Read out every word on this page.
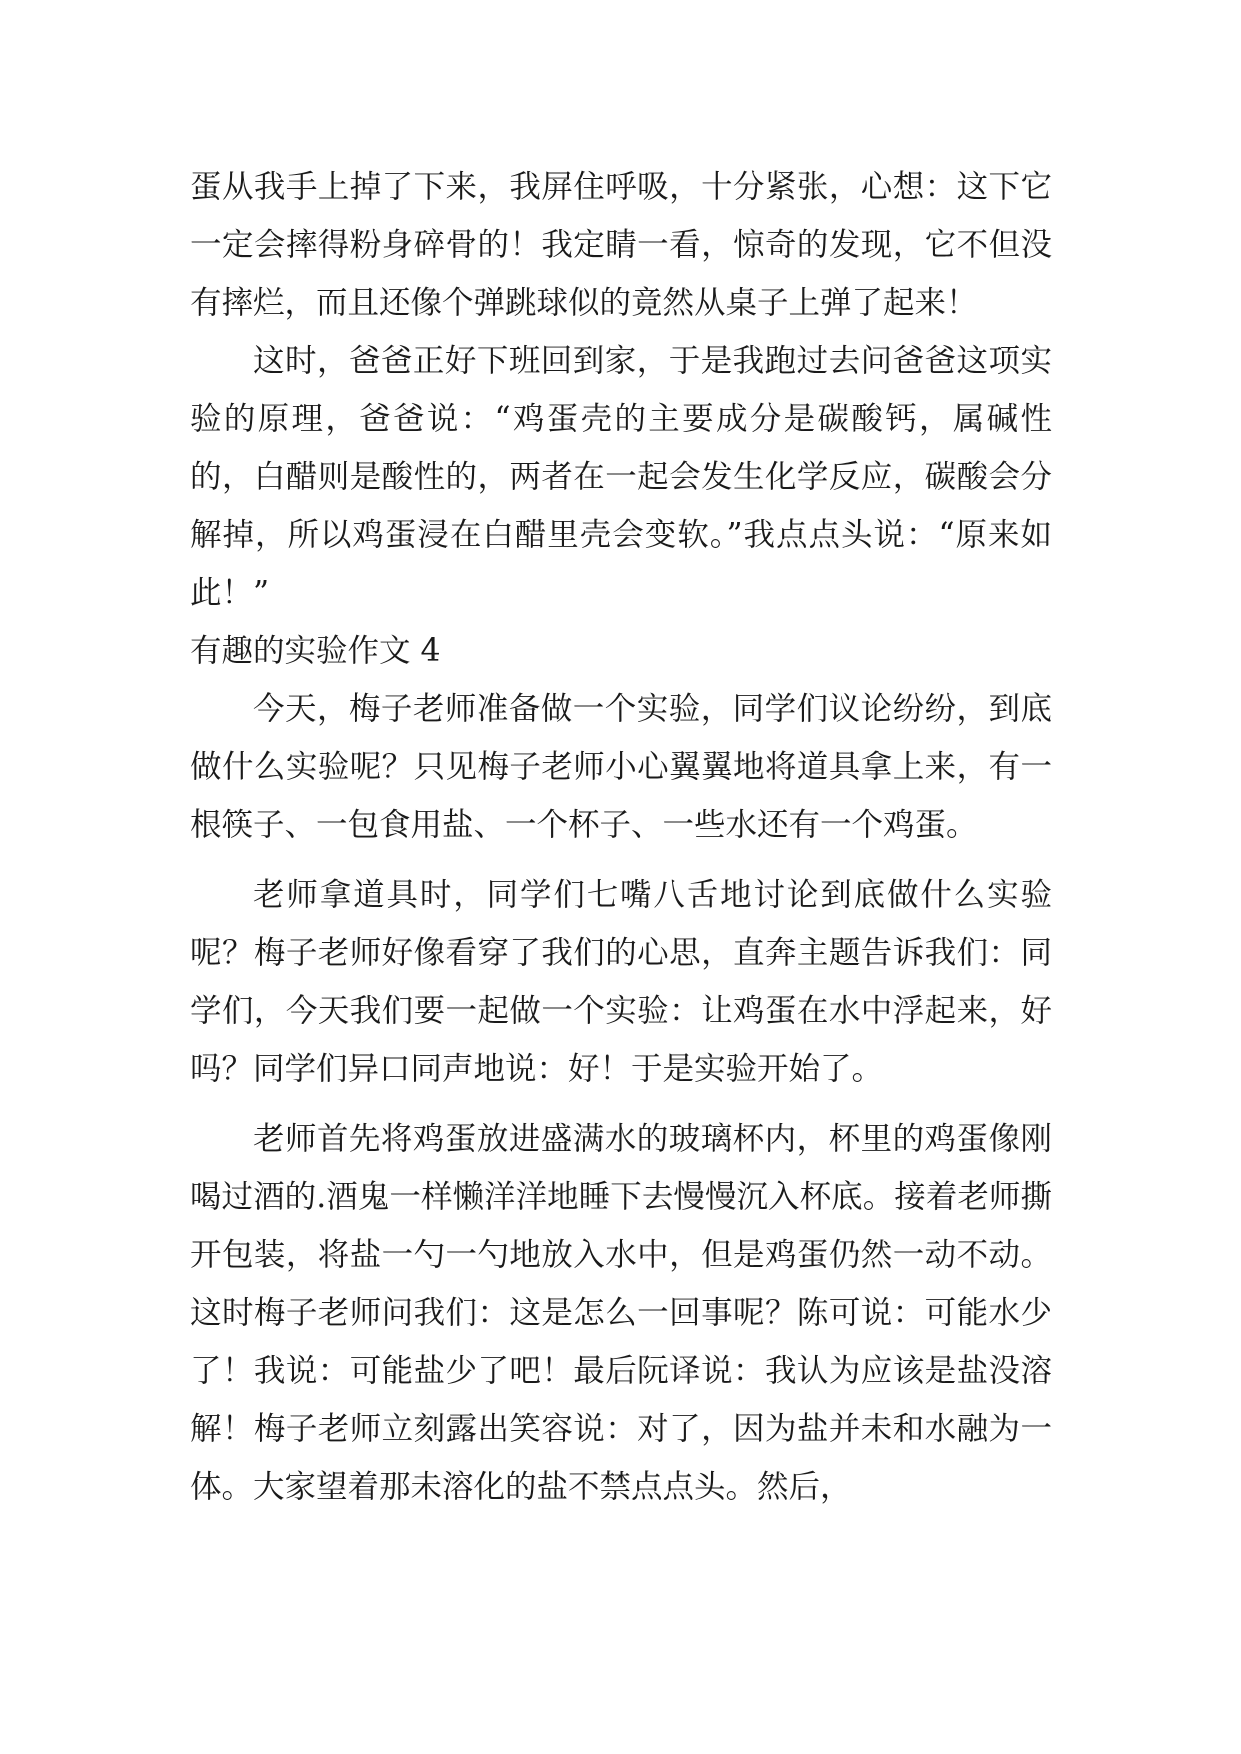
蛋从我手上掉了下来，我屏住呼吸，十分紧张，心想：这下它一定会摔得粉身碎骨的！我定睛一看，惊奇的发现，它不但没有摔烂，而且还像个弹跳球似的竟然从桌子上弹了起来！

这时，爸爸正好下班回到家，于是我跑过去问爸爸这项实验的原理，爸爸说：“鸡蛋壳的主要成分是碳酸钙，属碱性的，白醋则是酸性的，两者在一起会发生化学反应，碳酸会分解掉，所以鸡蛋浸在白醋里壳会变软。”我点点头说：“原来如此！”

有趣的实验作文 4

今天，梅子老师准备做一个实验，同学们议论纷纷，到底做什么实验呢？只见梅子老师小心翼翼地将道具拿上来，有一根筷子、一包食用盐、一个杯子、一些水还有一个鸡蛋。

老师拿道具时，同学们七嘴八舌地讨论到底做什么实验呢？梅子老师好像看穿了我们的心思，直奔主题告诉我们：同学们，今天我们要一起做一个实验：让鸡蛋在水中浮起来，好吗？同学们异口同声地说：好！于是实验开始了。

老师首先将鸡蛋放进盛满水的玻璃杯内，杯里的鸡蛋像刚喝过酒的.酒鬼一样懒洋洋地睡下去慢慢沉入杯底。接着老师撕开包装，将盐一勺一勺地放入水中，但是鸡蛋仍然一动不动。这时梅子老师问我们：这是怎么一回事呢？陈可说：可能水少了！我说：可能盐少了吧！最后阮译说：我认为应该是盐没溶解！梅子老师立刻露出笑容说：对了，因为盐并未和水融为一体。大家望着那未溶化的盐不禁点点头。然后，
